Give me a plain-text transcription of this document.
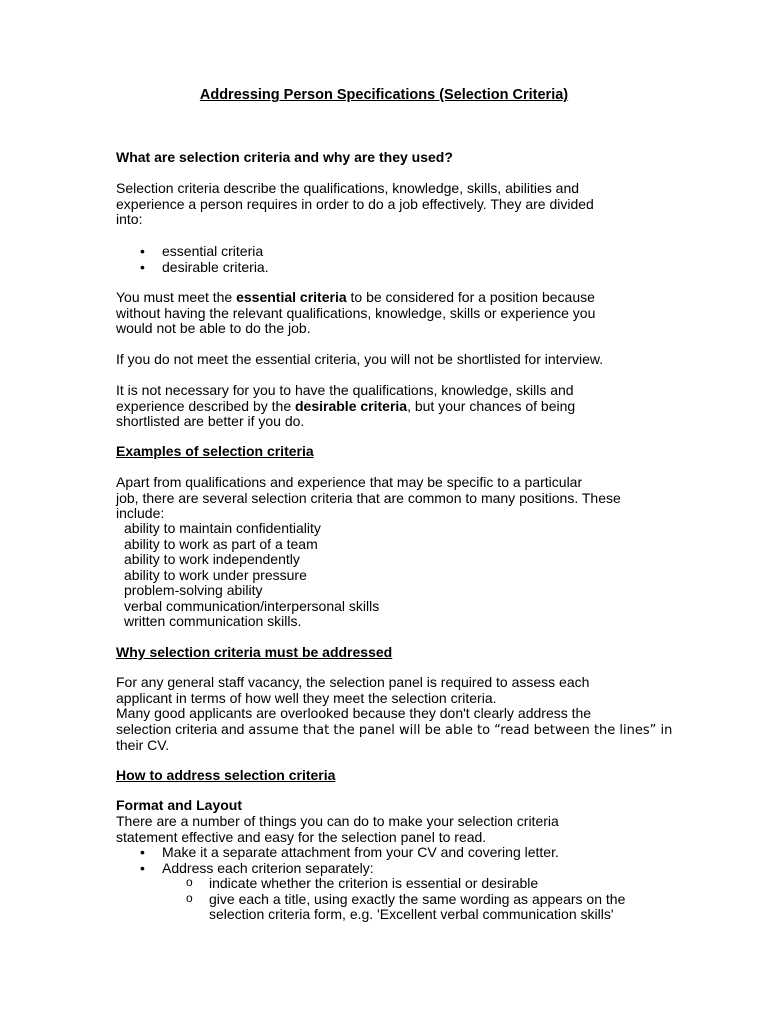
Addressing Person Specifications (Selection Criteria)
What are selection criteria and why are they used?
Selection criteria describe the qualifications, knowledge, skills, abilities and
experience a person requires in order to do a job effectively. They are divided
into:
• essential criteria
• desirable criteria.
You must meet the essential criteria to be considered for a position because
without having the relevant qualifications, knowledge, skills or experience you
would not be able to do the job.
If you do not meet the essential criteria, you will not be shortlisted for interview.
It is not necessary for you to have the qualifications, knowledge, skills and
experience described by the desirable criteria, but your chances of being
shortlisted are better if you do.
Examples of selection criteria
Apart from qualifications and experience that may be specific to a particular
job, there are several selection criteria that are common to many positions. These
include:
ability to maintain confidentiality
ability to work as part of a team
ability to work independently
ability to work under pressure
problem-solving ability
verbal communication/interpersonal skills
written communication skills.
Why selection criteria must be addressed
For any general staff vacancy, the selection panel is required to assess each
applicant in terms of how well they meet the selection criteria.
Many good applicants are overlooked because they don't clearly address the
selection criteria and assume that the panel will be able to “read between the lines” in
their CV.
How to address selection criteria
Format and Layout
There are a number of things you can do to make your selection criteria
statement effective and easy for the selection panel to read.
• Make it a separate attachment from your CV and covering letter.
• Address each criterion separately:
o indicate whether the criterion is essential or desirable
o give each a title, using exactly the same wording as appears on the
selection criteria form, e.g. 'Excellent verbal communication skills'
